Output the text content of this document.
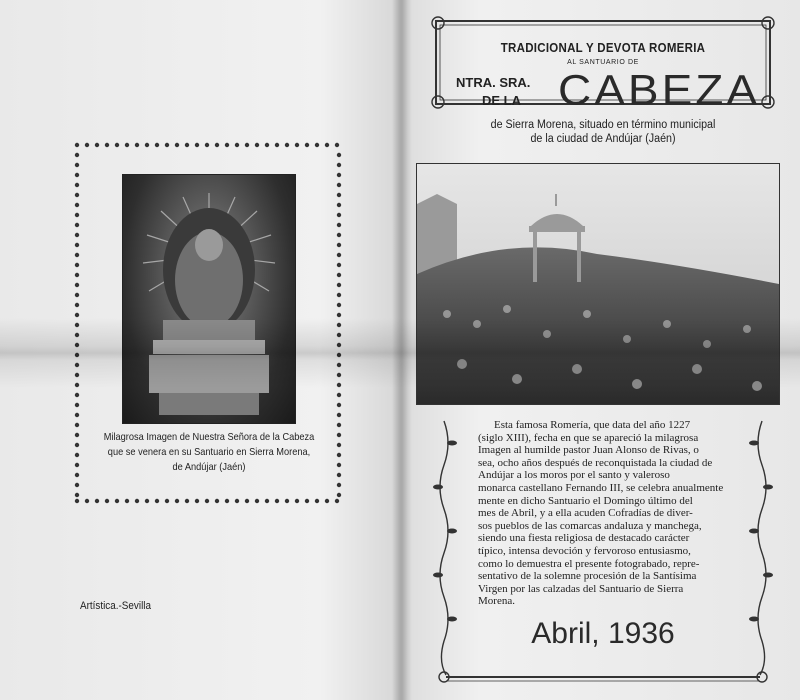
Milagrosa Imagen de Nuestra Señora de la Cabeza
que se venera en su Santuario en Sierra Morena,
de Andújar (Jaén)
Artística.-Sevilla
TRADICIONAL Y DEVOTA ROMERIA
AL SANTUARIO DE
NTRA. SRA.
DE LA CABEZA
de Sierra Morena, situado en término municipal
de la ciudad de Andújar (Jaén)
Esta famosa Romería, que data del año 1227
(siglo XIII), fecha en que se apareció la milagrosa
Imagen al humilde pastor Juan Alonso de Rivas, o
sea, ocho años después de reconquistada la ciudad de
Andújar a los moros por el santo y valeroso
monarca castellano Fernando III, se celebra anualmente
mente en dicho Santuario el Domingo último del
mes de Abril, y a ella acuden Cofradías de diver-
sos pueblos de las comarcas andaluza y manchega,
siendo una fiesta religiosa de destacado carácter
típico, intensa devoción y fervoroso entusiasmo,
como lo demuestra el presente fotograbado, repre-
sentativo de la solemne procesión de la Santísima
Virgen por las calzadas del Santuario de Sierra
Morena.
Abril, 1936
